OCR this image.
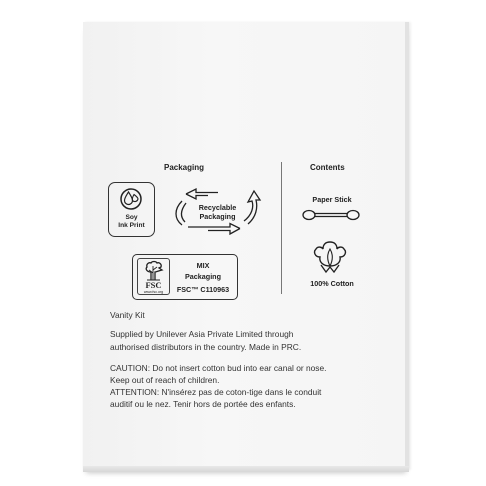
Packaging
Soy
Ink Print
Recyclable
Packaging
FSC
www.fsc.org
MIX
Packaging
FSC™ C110963
Contents
Paper Stick
100% Cotton
Vanity Kit
Supplied by Unilever Asia Private Limited through
authorised distributors in the country. Made in PRC.
CAUTION: Do not insert cotton bud into ear canal or nose.
Keep out of reach of children.
ATTENTION: N'insérez pas de coton-tige dans le conduit
auditif ou le nez. Tenir hors de portée des enfants.
